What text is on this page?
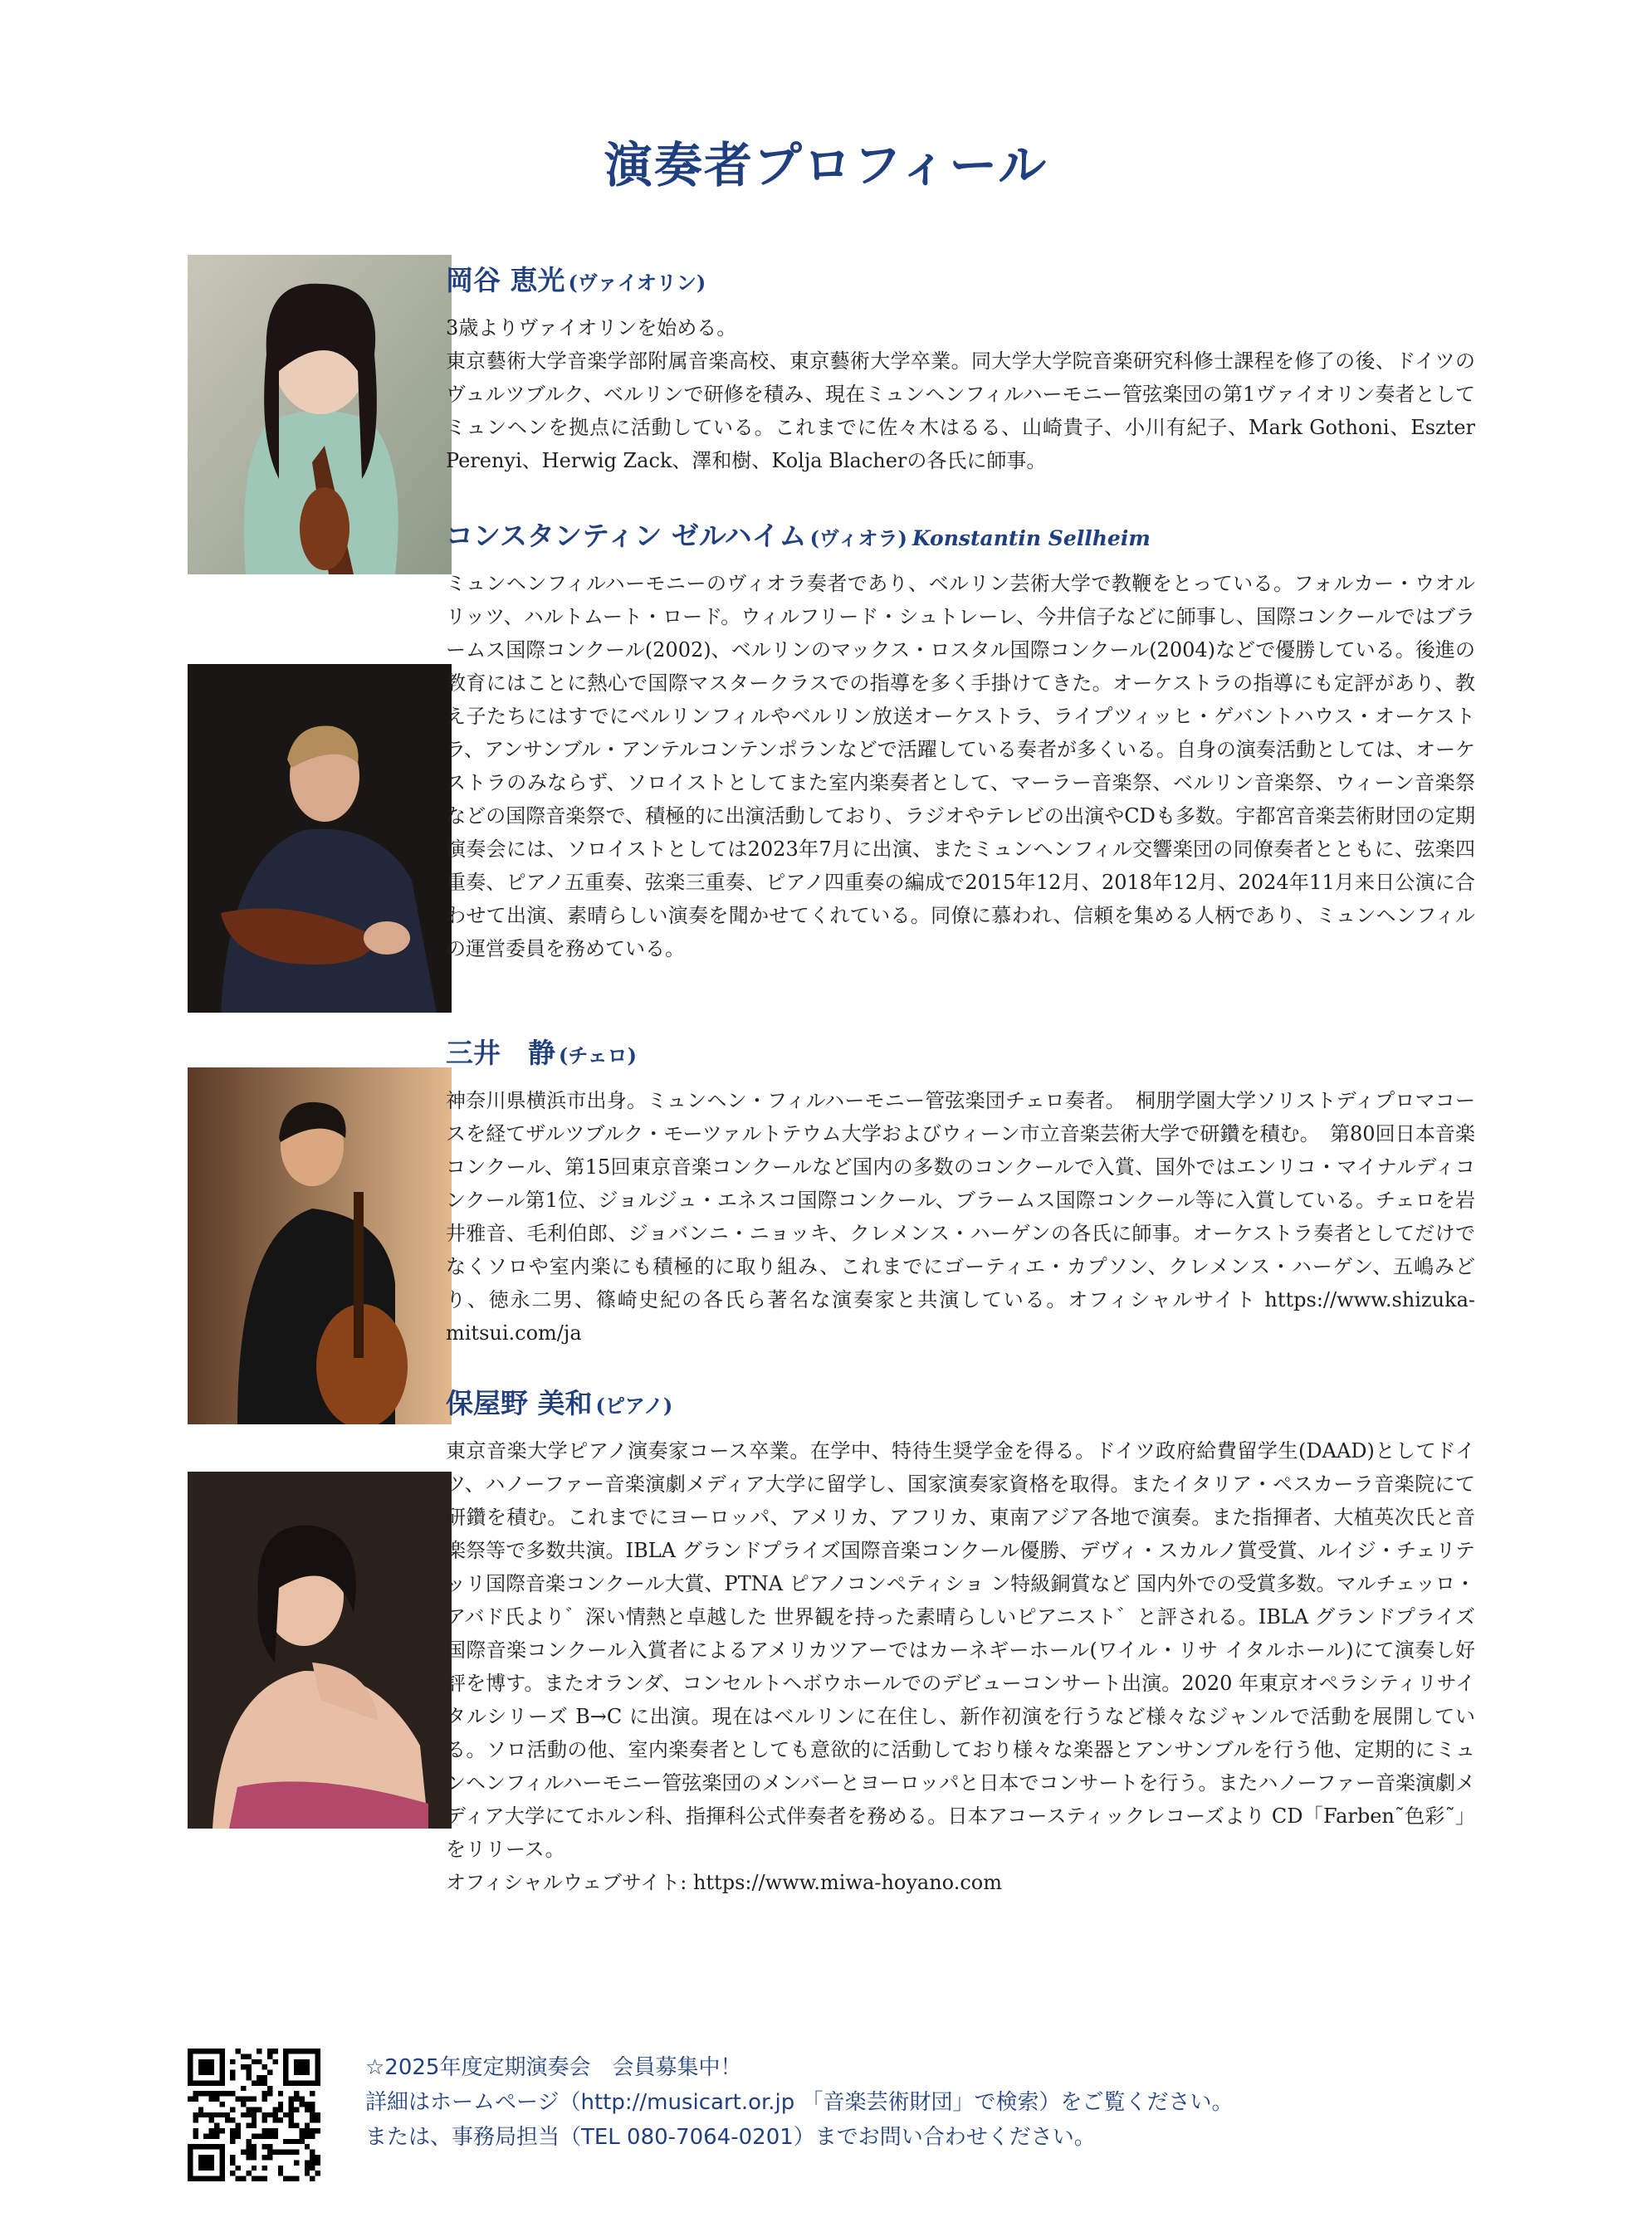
演奏者プロフィール
岡谷 恵光 (ヴァイオリン)
3歳よりヴァイオリンを始める。
東京藝術大学音楽学部附属音楽高校、東京藝術大学卒業。同大学大学院音楽研究科修士課程を修了の後、ドイツのヴュルツブルク、ベルリンで研修を積み、現在ミュンヘンフィルハーモニー管弦楽団の第1ヴァイオリン奏者としてミュンヘンを拠点に活動している。これまでに佐々木はるる、山崎貴子、小川有紀子、Mark Gothoni、Eszter Perenyi、Herwig Zack、澤和樹、Kolja Blacherの各氏に師事。
コンスタンティン ゼルハイム (ヴィオラ) Konstantin Sellheim
ミュンヘンフィルハーモニーのヴィオラ奏者であり、ベルリン芸術大学で教鞭をとっている。フォルカー・ウオルリッツ、ハルトムート・ロード。ウィルフリード・シュトレーレ、今井信子などに師事し、国際コンクールではブラームス国際コンクール(2002)、ベルリンのマックス・ロスタル国際コンクール(2004)などで優勝している。後進の教育にはことに熱心で国際マスタークラスでの指導を多く手掛けてきた。オーケストラの指導にも定評があり、教え子たちにはすでにベルリンフィルやベルリン放送オーケストラ、ライプツィッヒ・ゲバントハウス・オーケストラ、アンサンブル・アンテルコンテンポランなどで活躍している奏者が多くいる。自身の演奏活動としては、オーケストラのみならず、ソロイストとしてまた室内楽奏者として、マーラー音楽祭、ベルリン音楽祭、ウィーン音楽祭などの国際音楽祭で、積極的に出演活動しており、ラジオやテレビの出演やCDも多数。宇都宮音楽芸術財団の定期演奏会には、ソロイストとしては2023年7月に出演、またミュンヘンフィル交響楽団の同僚奏者とともに、弦楽四重奏、ピアノ五重奏、弦楽三重奏、ピアノ四重奏の編成で2015年12月、2018年12月、2024年11月来日公演に合わせて出演、素晴らしい演奏を聞かせてくれている。同僚に慕われ、信頼を集める人柄であり、ミュンヘンフィルの運営委員を務めている。
三井　静 (チェロ)
神奈川県横浜市出身。ミュンヘン・フィルハーモニー管弦楽団チェロ奏者。　桐朋学園大学ソリストディプロマコースを経てザルツブルク・モーツァルトテウム大学およびウィーン市立音楽芸術大学で研鑽を積む。　第80回日本音楽コンクール、第15回東京音楽コンクールなど国内の多数のコンクールで入賞、国外ではエンリコ・マイナルディコンクール第1位、ジョルジュ・エネスコ国際コンクール、ブラームス国際コンクール等に入賞している。チェロを岩井雅音、毛利伯郎、ジョバンニ・ニョッキ、クレメンス・ハーゲンの各氏に師事。オーケストラ奏者としてだけでなくソロや室内楽にも積極的に取り組み、これまでにゴーティエ・カプソン、クレメンス・ハーゲン、五嶋みどり、徳永二男、篠崎史紀の各氏ら著名な演奏家と共演している。オフィシャルサイト https://www.shizuka-mitsui.com/ja
保屋野 美和 (ピアノ)
東京音楽大学ピアノ演奏家コース卒業。在学中、特待生奨学金を得る。ドイツ政府給費留学生(DAAD)としてドイツ、ハノーファー音楽演劇メディア大学に留学し、国家演奏家資格を取得。またイタリア・ペスカーラ音楽院にて研鑽を積む。これまでにヨーロッパ、アメリカ、アフリカ、東南アジア各地で演奏。また指揮者、大植英次氏と音楽祭等で多数共演。IBLA グランドプライズ国際音楽コンクール優勝、デヴィ・スカルノ賞受賞、ルイジ・チェリテッリ国際音楽コンクール大賞、PTNA ピアノコンペティショ ン特級銅賞など 国内外での受賞多数。マルチェッロ・アバド氏より゛深い情熱と卓越した 世界観を持った素晴らしいピアニスト゛と評される。IBLA グランドプライズ国際音楽コンクール入賞者によるアメリカツアーではカーネギーホール(ワイル・リサ イタルホール)にて演奏し好評を博す。またオランダ、コンセルトヘボウホールでのデビューコンサート出演。2020 年東京オペラシティリサイタルシリーズ B→C に出演。現在はベルリンに在住し、新作初演を行うなど様々なジャンルで活動を展開している。ソロ活動の他、室内楽奏者としても意欲的に活動しており様々な楽器とアンサンブルを行う他、定期的にミュンヘンフィルハーモニー管弦楽団のメンバーとヨーロッパと日本でコンサートを行う。またハノーファー音楽演劇メディア大学にてホルン科、指揮科公式伴奏者を務める。日本アコースティックレコーズより CD「Farben˜色彩˜」をリリース。
オフィシャルウェブサイト: https://www.miwa-hoyano.com
☆2025年度定期演奏会　会員募集中！
詳細はホームページ（http://musicart.or.jp 「音楽芸術財団」で検索）をご覧ください。
または、事務局担当（TEL 080-7064-0201）までお問い合わせください。
